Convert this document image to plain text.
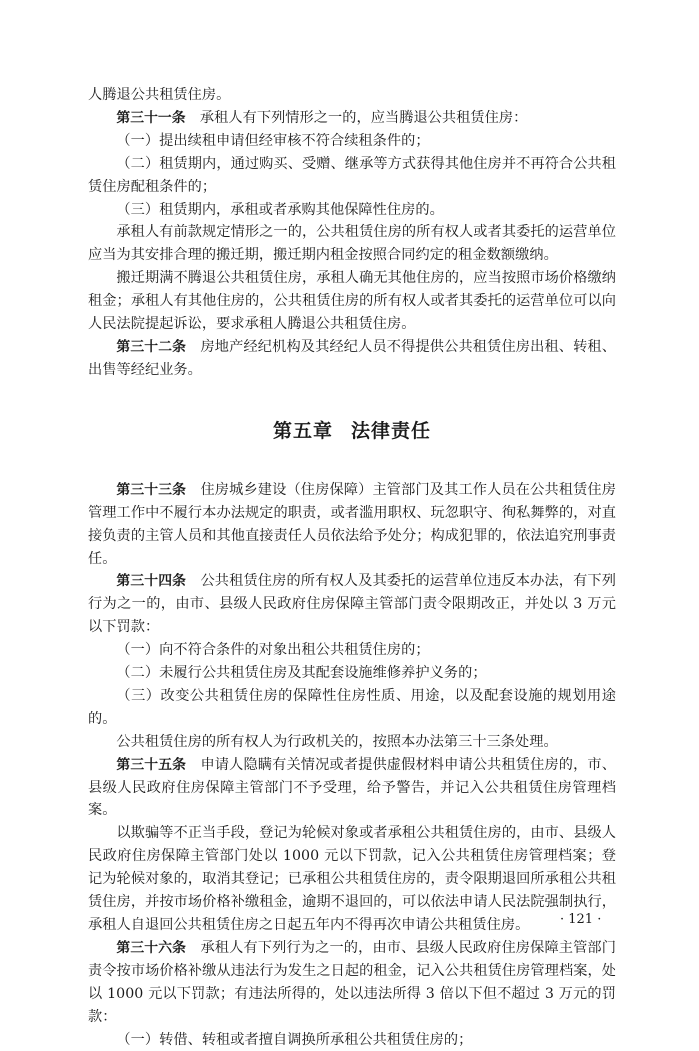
人腾退公共租赁住房。

第三十一条  承租人有下列情形之一的，应当腾退公共租赁住房：

（一）提出续租申请但经审核不符合续租条件的；

（二）租赁期内，通过购买、受赠、继承等方式获得其他住房并不再符合公共租赁住房配租条件的；

（三）租赁期内，承租或者承购其他保障性住房的。

承租人有前款规定情形之一的，公共租赁住房的所有权人或者其委托的运营单位应当为其安排合理的搬迁期，搬迁期内租金按照合同约定的租金数额缴纳。

搬迁期满不腾退公共租赁住房，承租人确无其他住房的，应当按照市场价格缴纳租金；承租人有其他住房的，公共租赁住房的所有权人或者其委托的运营单位可以向人民法院提起诉讼，要求承租人腾退公共租赁住房。

第三十二条  房地产经纪机构及其经纪人员不得提供公共租赁住房出租、转租、出售等经纪业务。

第五章 法律责任

第三十三条  住房城乡建设（住房保障）主管部门及其工作人员在公共租赁住房管理工作中不履行本办法规定的职责，或者滥用职权、玩忽职守、徇私舞弊的，对直接负责的主管人员和其他直接责任人员依法给予处分；构成犯罪的，依法追究刑事责任。

第三十四条  公共租赁住房的所有权人及其委托的运营单位违反本办法，有下列行为之一的，由市、县级人民政府住房保障主管部门责令限期改正，并处以 3 万元以下罚款：

（一）向不符合条件的对象出租公共租赁住房的；

（二）未履行公共租赁住房及其配套设施维修养护义务的；

（三）改变公共租赁住房的保障性住房性质、用途，以及配套设施的规划用途的。

公共租赁住房的所有权人为行政机关的，按照本办法第三十三条处理。

第三十五条  申请人隐瞒有关情况或者提供虚假材料申请公共租赁住房的，市、县级人民政府住房保障主管部门不予受理，给予警告，并记入公共租赁住房管理档案。

以欺骗等不正当手段，登记为轮候对象或者承租公共租赁住房的，由市、县级人民政府住房保障主管部门处以 1000 元以下罚款，记入公共租赁住房管理档案；登记为轮候对象的，取消其登记；已承租公共租赁住房的，责令限期退回所承租公共租赁住房，并按市场价格补缴租金，逾期不退回的，可以依法申请人民法院强制执行，承租人自退回公共租赁住房之日起五年内不得再次申请公共租赁住房。

第三十六条  承租人有下列行为之一的，由市、县级人民政府住房保障主管部门责令按市场价格补缴从违法行为发生之日起的租金，记入公共租赁住房管理档案，处以 1000 元以下罚款；有违法所得的，处以违法所得 3 倍以下但不超过 3 万元的罚款：

（一）转借、转租或者擅自调换所承租公共租赁住房的；

· 121 ·
